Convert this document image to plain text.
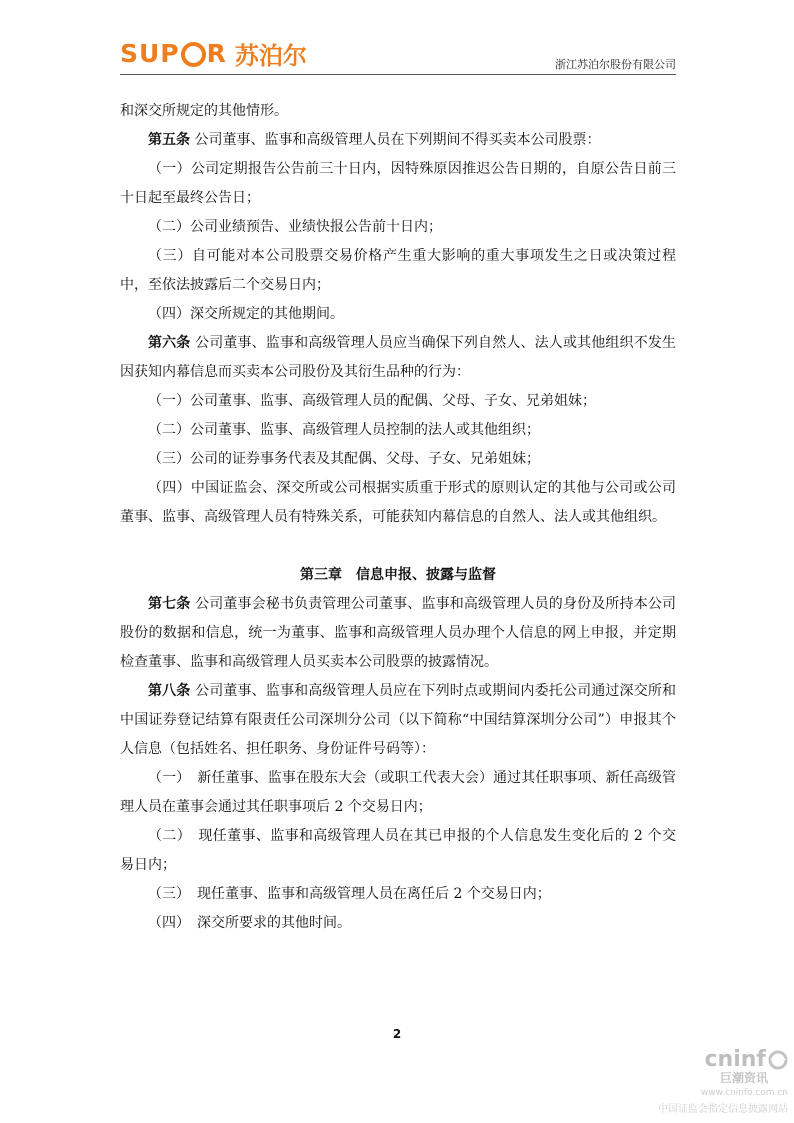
SUP R 苏泊尔	浙江苏泊尔股份有限公司

和深交所规定的其他情形。

第五条 公司董事、监事和高级管理人员在下列期间不得买卖本公司股票：

（一）公司定期报告公告前三十日内，因特殊原因推迟公告日期的，自原公告日前三十日起至最终公告日；

（二）公司业绩预告、业绩快报公告前十日内；

（三）自可能对本公司股票交易价格产生重大影响的重大事项发生之日或决策过程中，至依法披露后二个交易日内；

（四）深交所规定的其他期间。

第六条 公司董事、监事和高级管理人员应当确保下列自然人、法人或其他组织不发生因获知内幕信息而买卖本公司股份及其衍生品种的行为：

（一）公司董事、监事、高级管理人员的配偶、父母、子女、兄弟姐妹；

（二）公司董事、监事、高级管理人员控制的法人或其他组织；

（三）公司的证券事务代表及其配偶、父母、子女、兄弟姐妹；

（四）中国证监会、深交所或公司根据实质重于形式的原则认定的其他与公司或公司董事、监事、高级管理人员有特殊关系，可能获知内幕信息的自然人、法人或其他组织。

第三章　信息申报、披露与监督

第七条 公司董事会秘书负责管理公司董事、监事和高级管理人员的身份及所持本公司股份的数据和信息，统一为董事、监事和高级管理人员办理个人信息的网上申报，并定期检查董事、监事和高级管理人员买卖本公司股票的披露情况。

第八条 公司董事、监事和高级管理人员应在下列时点或期间内委托公司通过深交所和中国证券登记结算有限责任公司深圳分公司（以下简称“中国结算深圳分公司”）申报其个人信息（包括姓名、担任职务、身份证件号码等）：

（一）　新任董事、监事在股东大会（或职工代表大会）通过其任职事项、新任高级管理人员在董事会通过其任职事项后 2 个交易日内；

（二）　现任董事、监事和高级管理人员在其已申报的个人信息发生变化后的 2 个交易日内；

（三）　现任董事、监事和高级管理人员在离任后 2 个交易日内；

（四）　深交所要求的其他时间。

2
cninf
巨潮资讯
www.cninfo.com.cn
中国证监会指定信息披露网站
